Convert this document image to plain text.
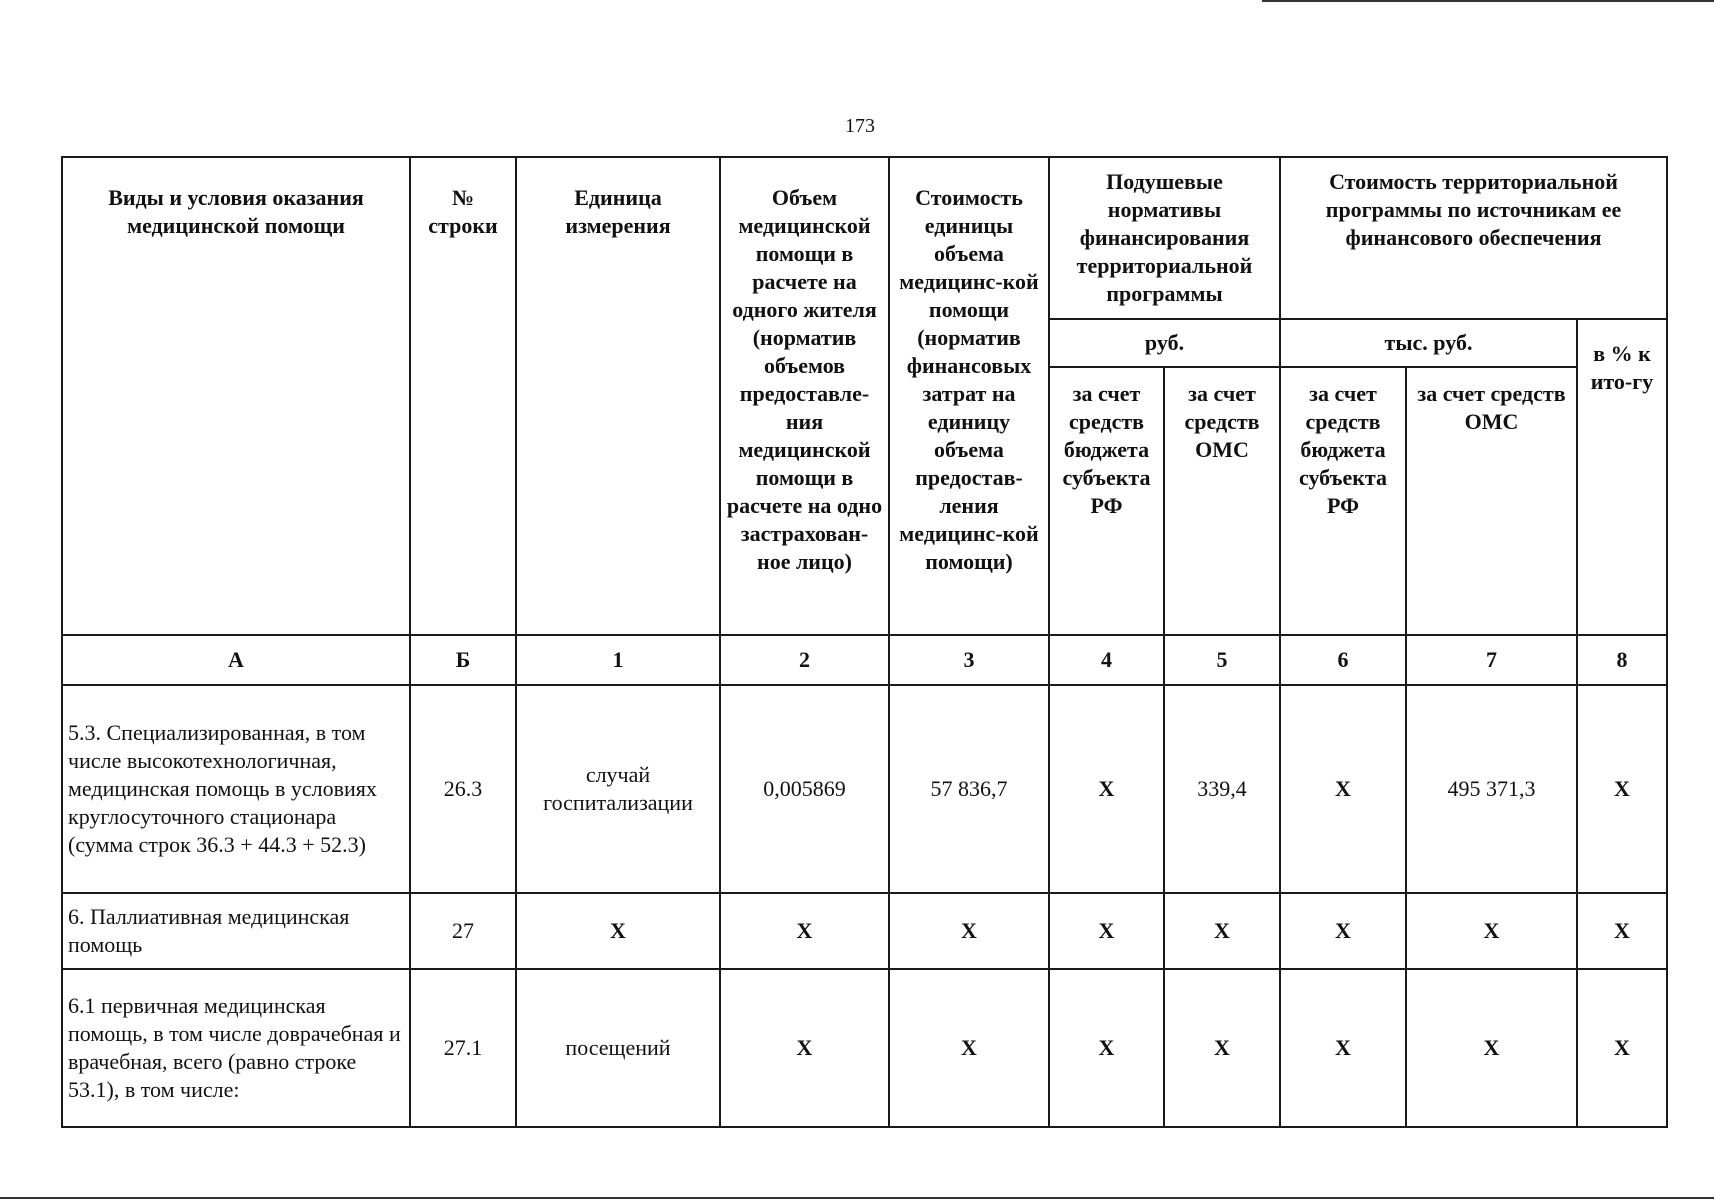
173
Виды и условия оказания медицинской помощи	№ строки	Единица измерения	Объем медицинской помощи в расчете на одного жителя (норматив объемов предоставле-ния медицинской помощи в расчете на одно застрахован-ное лицо)	Стоимость единицы объема медицинс-кой помощи (норматив финансовых затрат на единицу объема предостав-ления медицинс-кой помощи)	Подушевые нормативы финансирования территориальной программы		Стоимость территориальной программы по источникам ее финансового обеспечения		
					руб.		тыс. руб.		в % к ито-гу
					за счет средств бюджета субъекта РФ	за счет средств ОМС	за счет средств бюджета субъекта РФ	за счет средств ОМС	
А	Б	1	2	3	4	5	6	7	8
5.3. Специализированная, в том числе высокотехнологичная, медицинская помощь в условиях круглосуточного стационара (сумма строк 36.3 + 44.3 + 52.3)	26.3	случай госпитализации	0,005869	57 836,7	X	339,4	X	495 371,3	X
6. Паллиативная медицинская помощь	27	X	X	X	X	X	X	X	X
6.1 первичная медицинская помощь, в том числе доврачебная и врачебная, всего (равно строке 53.1), в том числе:	27.1	посещений	X	X	X	X	X	X	X
